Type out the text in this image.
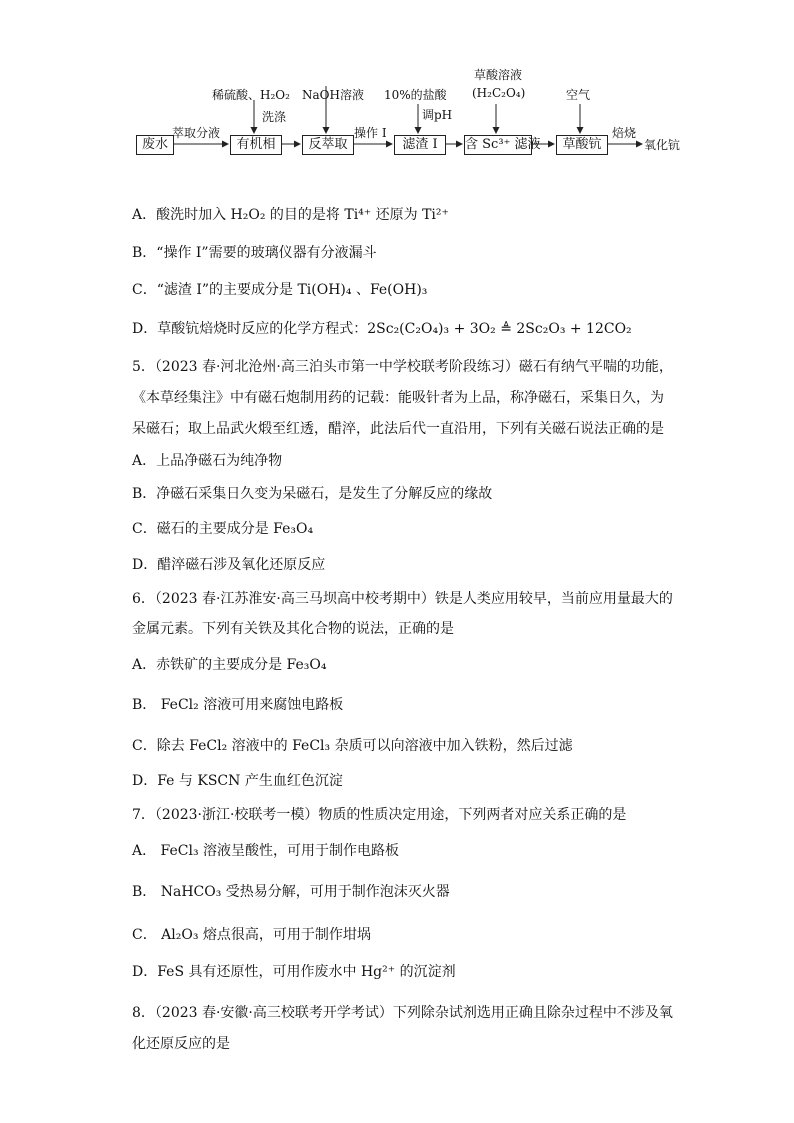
废水
萃取分液
有机相
稀硫酸、H₂O₂
洗涤
NaOH溶液
反萃取
操作 I
10%的盐酸
调pH
滤渣 I
草酸溶液
(H₂C₂O₄)
含 Sc³⁺ 滤液
空气
草酸钪
焙烧
氧化钪
A．酸洗时加入 H₂O₂ 的目的是将 Ti⁴⁺ 还原为 Ti²⁺
B．“操作 I”需要的玻璃仪器有分液漏斗
C．“滤渣 I”的主要成分是 Ti(OH)₄ 、Fe(OH)₃
D．草酸钪焙烧时反应的化学方程式：2Sc₂(C₂O₄)₃ + 3O₂ ≜ 2Sc₂O₃ + 12CO₂
5．（2023 春·河北沧州·高三泊头市第一中学校联考阶段练习）磁石有纳气平喘的功能，
《本草经集注》中有磁石炮制用药的记载：能吸针者为上品，称净磁石，采集日久，为
呆磁石；取上品武火煅至红透，醋淬，此法后代一直沿用，下列有关磁石说法正确的是
A．上品净磁石为纯净物
B．净磁石采集日久变为呆磁石，是发生了分解反应的缘故
C．磁石的主要成分是 Fe₃O₄
D．醋淬磁石涉及氧化还原反应
6．（2023 春·江苏淮安·高三马坝高中校考期中）铁是人类应用较早，当前应用量最大的
金属元素。下列有关铁及其化合物的说法，正确的是
A．赤铁矿的主要成分是 Fe₃O₄
B． FeCl₂ 溶液可用来腐蚀电路板
C．除去 FeCl₂ 溶液中的 FeCl₃ 杂质可以向溶液中加入铁粉，然后过滤
D．Fe 与 KSCN 产生血红色沉淀
7．（2023·浙江·校联考一模）物质的性质决定用途，下列两者对应关系正确的是
A． FeCl₃ 溶液呈酸性，可用于制作电路板
B． NaHCO₃ 受热易分解，可用于制作泡沫灭火器
C． Al₂O₃ 熔点很高，可用于制作坩埚
D．FeS 具有还原性，可用作废水中 Hg²⁺ 的沉淀剂
8．（2023 春·安徽·高三校联考开学考试）下列除杂试剂选用正确且除杂过程中不涉及氧
化还原反应的是
